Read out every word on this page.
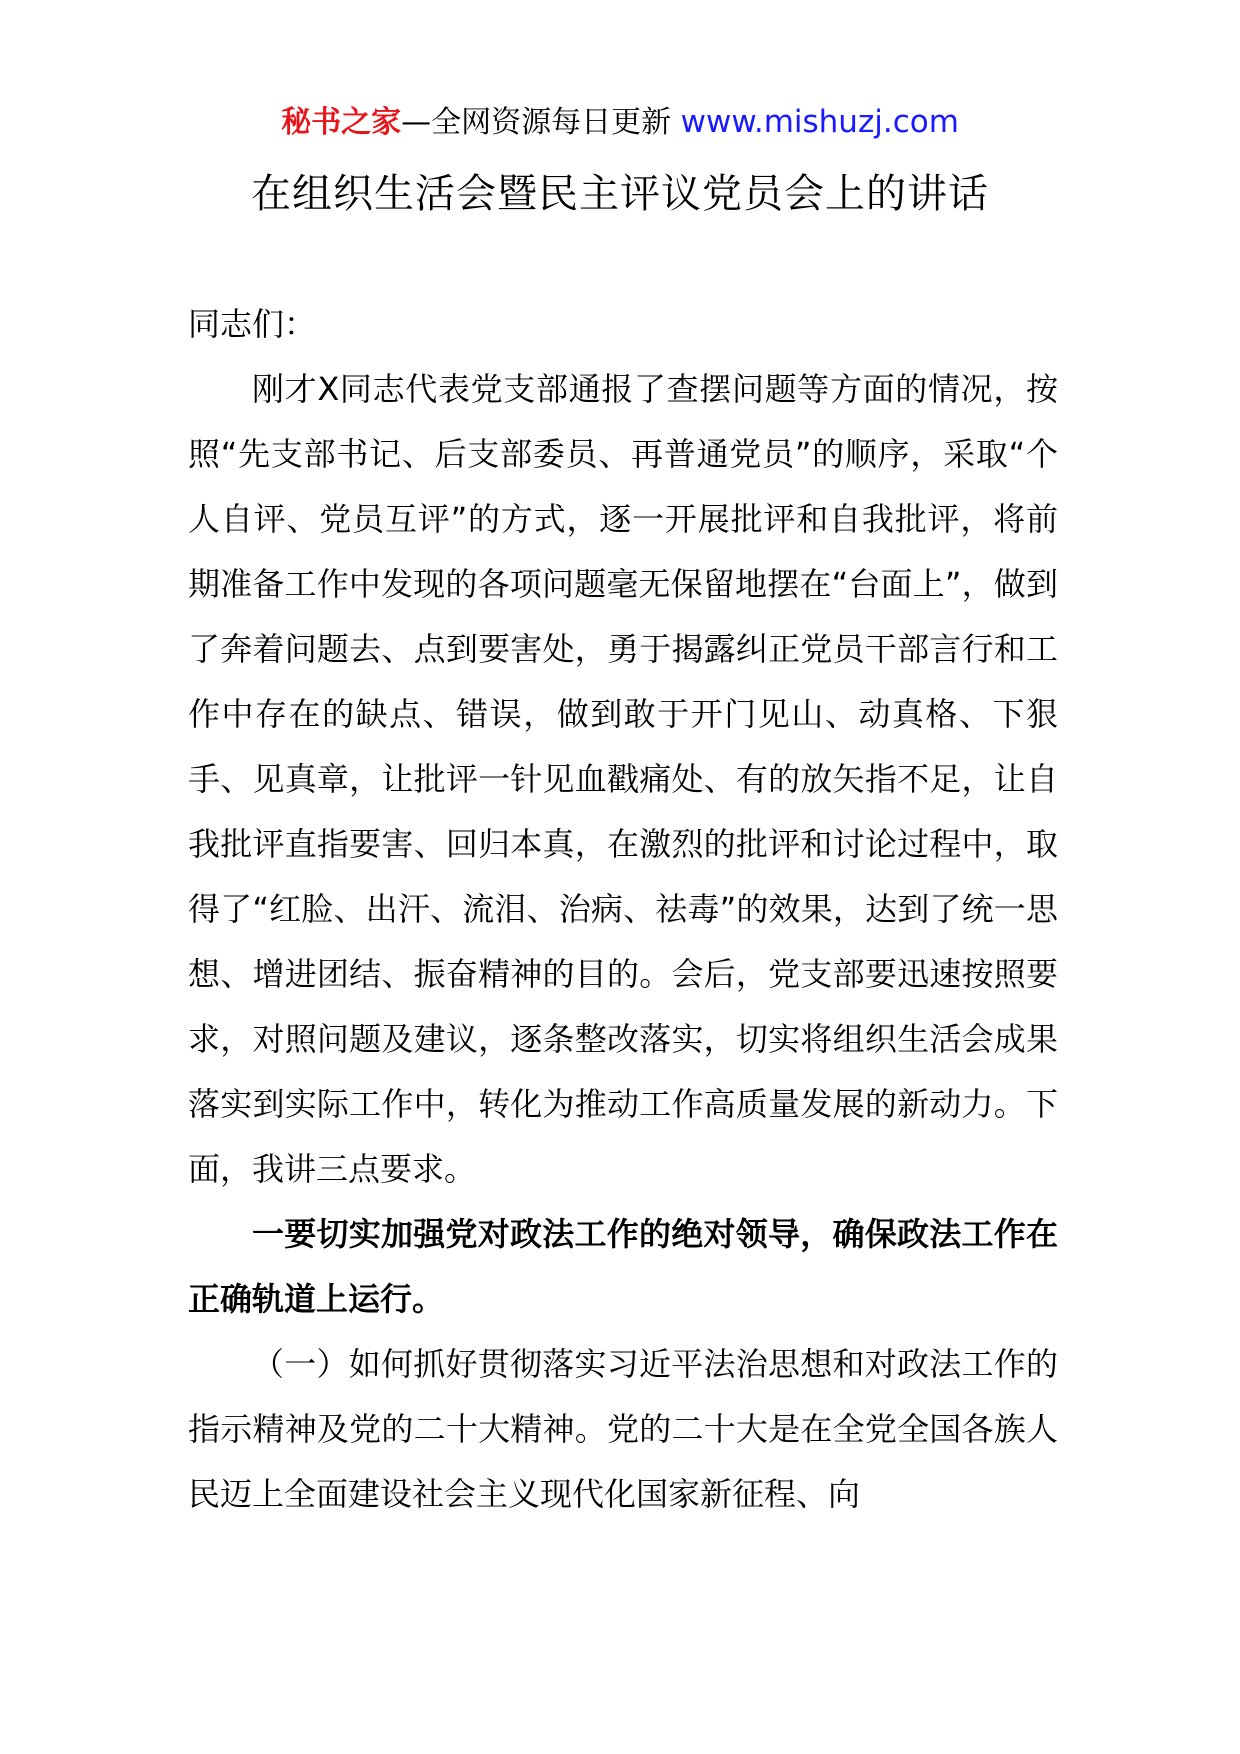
秘书之家—全网资源每日更新 www.mishuzj.com
在组织生活会暨民主评议党员会上的讲话

同志们：

刚才X同志代表党支部通报了查摆问题等方面的情况，按照“先支部书记、后支部委员、再普通党员”的顺序，采取“个人自评、党员互评”的方式，逐一开展批评和自我批评，将前期准备工作中发现的各项问题毫无保留地摆在“台面上”，做到了奔着问题去、点到要害处，勇于揭露纠正党员干部言行和工作中存在的缺点、错误，做到敢于开门见山、动真格、下狠手、见真章，让批评一针见血戳痛处、有的放矢指不足，让自我批评直指要害、回归本真，在激烈的批评和讨论过程中，取得了“红脸、出汗、流泪、治病、祛毒”的效果，达到了统一思想、增进团结、振奋精神的目的。会后，党支部要迅速按照要求，对照问题及建议，逐条整改落实，切实将组织生活会成果落实到实际工作中，转化为推动工作高质量发展的新动力。下面，我讲三点要求。

一要切实加强党对政法工作的绝对领导，确保政法工作在正确轨道上运行。

（一）如何抓好贯彻落实习近平法治思想和对政法工作的指示精神及党的二十大精神。党的二十大是在全党全国各族人民迈上全面建设社会主义现代化国家新征程、向
